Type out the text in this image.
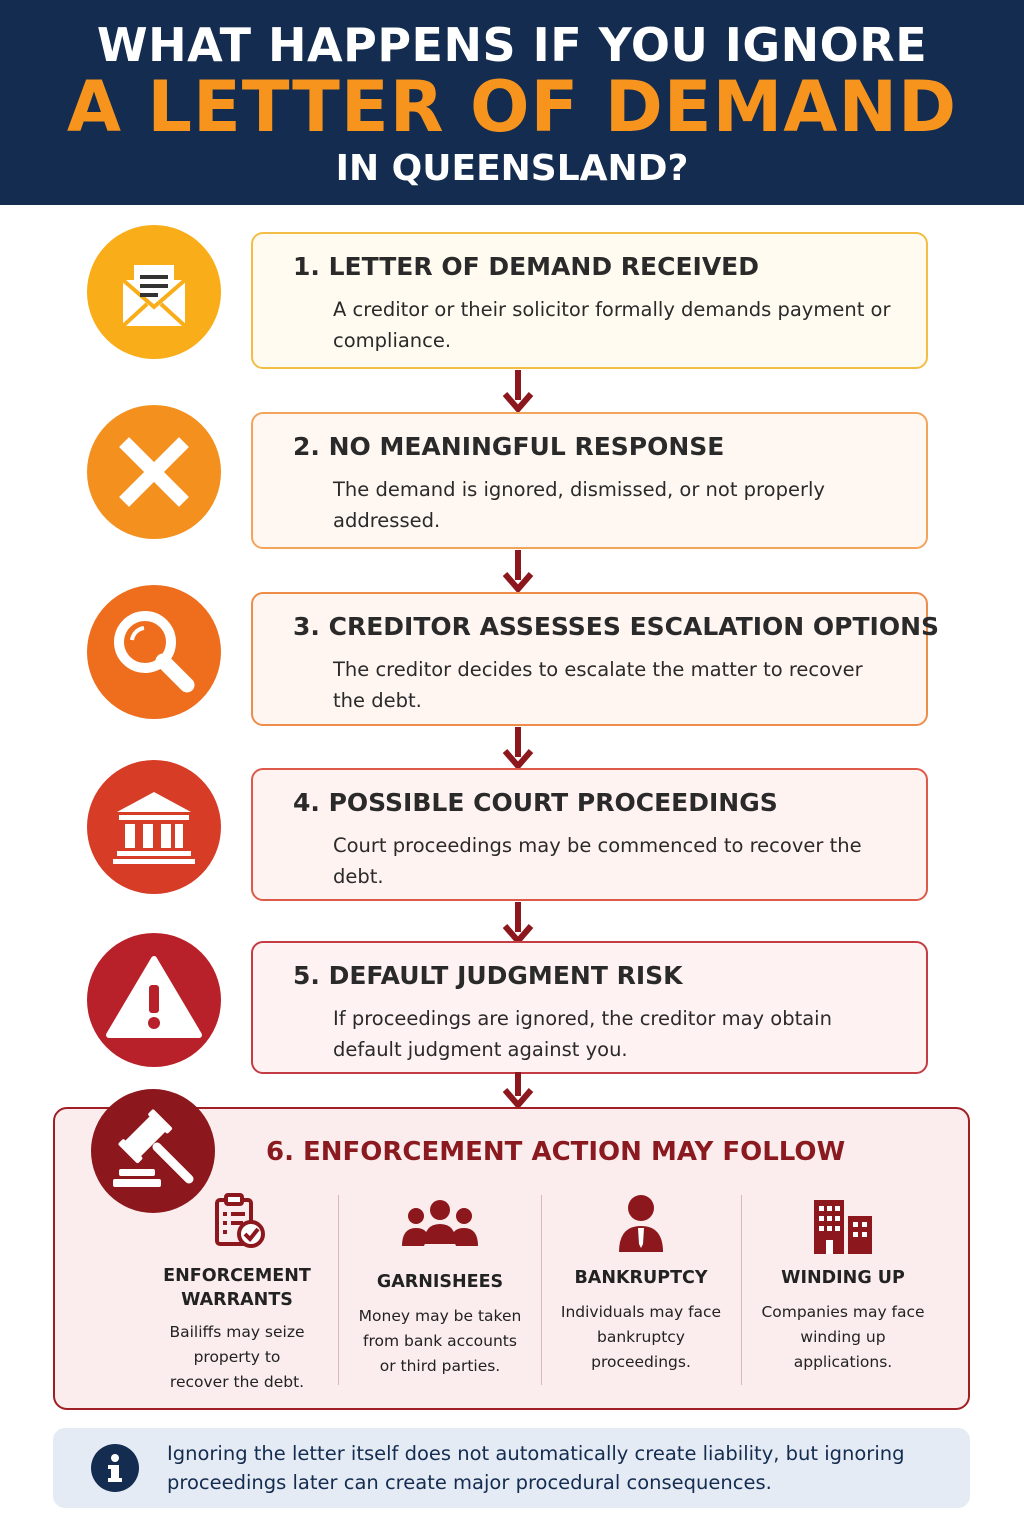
WHAT HAPPENS IF YOU IGNORE
A LETTER OF DEMAND
IN QUEENSLAND?
1. LETTER OF DEMAND RECEIVED
A creditor or their solicitor formally demands payment or compliance.
2. NO MEANINGFUL RESPONSE
The demand is ignored, dismissed, or not properly addressed.
3. CREDITOR ASSESSES ESCALATION OPTIONS
The creditor decides to escalate the matter to recover the debt.
4. POSSIBLE COURT PROCEEDINGS
Court proceedings may be commenced to recover the debt.
5. DEFAULT JUDGMENT RISK
If proceedings are ignored, the creditor may obtain default judgment against you.
6. ENFORCEMENT ACTION MAY FOLLOW
ENFORCEMENT WARRANTS
Bailiffs may seize property to recover the debt.
GARNISHEES
Money may be taken from bank accounts or third parties.
BANKRUPTCY
Individuals may face bankruptcy proceedings.
WINDING UP
Companies may face winding up applications.
Ignoring the letter itself does not automatically create liability, but ignoring proceedings later can create major procedural consequences.
